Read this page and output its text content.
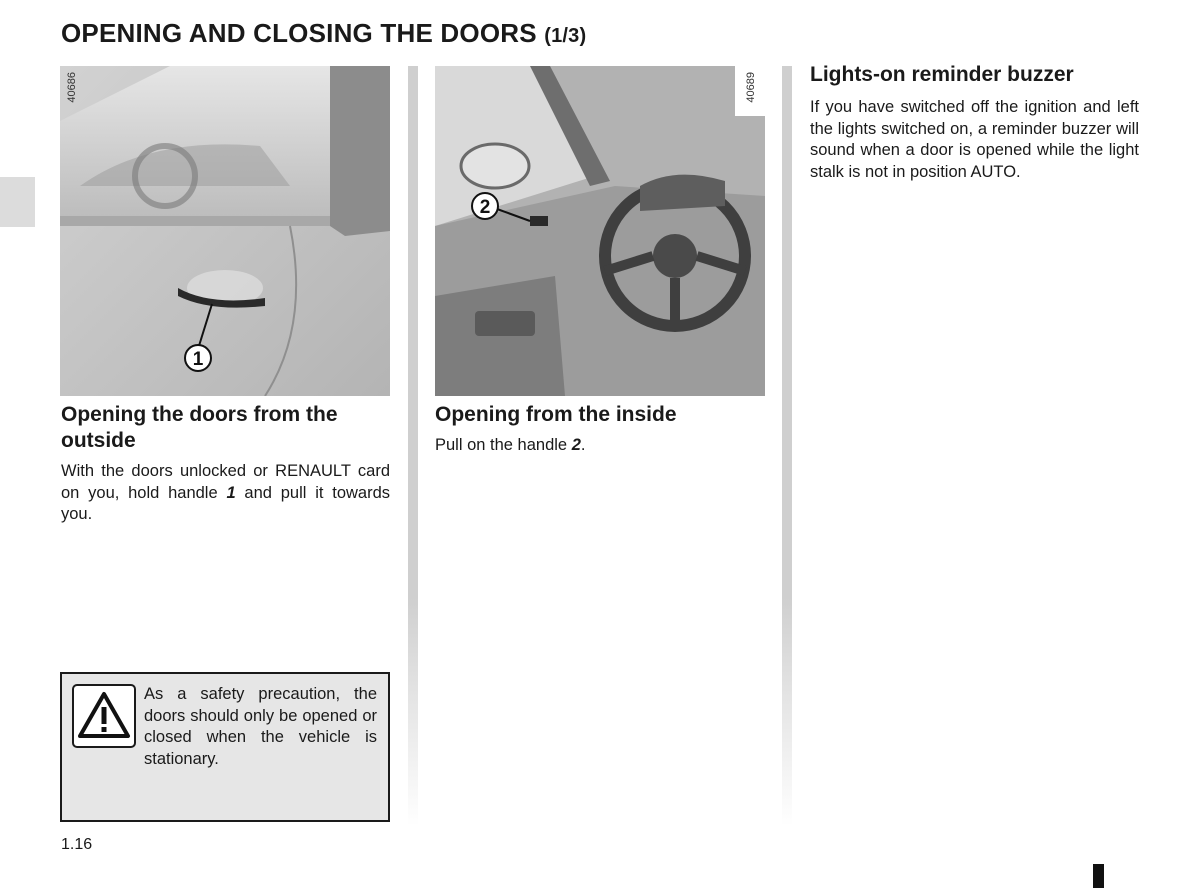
OPENING AND CLOSING THE DOORS (1/3)
1
40686
2
40689
Opening the doors from the outside

With the doors unlocked or RENAULT card on you, hold handle 1 and pull it towards you.

As a safety precaution, the doors should only be opened or closed when the vehicle is stationary.

Opening from the inside

Pull on the handle 2.

Lights-on reminder buzzer

If you have switched off the ignition and left the lights switched on, a reminder buzzer will sound when a door is opened while the light stalk is not in position AUTO.

1.16
